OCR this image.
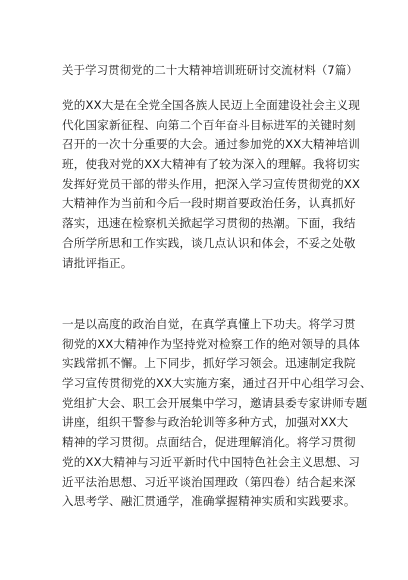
关于学习贯彻党的二十大精神培训班研讨交流材料（7篇）

党的XX大是在全党全国各族人民迈上全面建设社会主义现
代化国家新征程、向第二个百年奋斗目标进军的关键时刻
召开的一次十分重要的大会。通过参加党的XX大精神培训
班，使我对党的XX大精神有了较为深入的理解。我将切实
发挥好党员干部的带头作用，把深入学习宣传贯彻党的XX
大精神作为当前和今后一段时期首要政治任务，认真抓好
落实，迅速在检察机关掀起学习贯彻的热潮。下面，我结
合所学所思和工作实践，谈几点认识和体会，不妥之处敬
请批评指正。

一是以高度的政治自觉，在真学真懂上下功夫。将学习贯
彻党的XX大精神作为坚持党对检察工作的绝对领导的具体
实践常抓不懈。上下同步，抓好学习领会。迅速制定我院
学习宣传贯彻党的XX大实施方案，通过召开中心组学习会、
党组扩大会、职工会开展集中学习，邀请县委专家讲师专题
讲座，组织干警参与政治轮训等多种方式，加强对XX大
精神的学习贯彻。点面结合，促进理解消化。将学习贯彻
党的XX大精神与习近平新时代中国特色社会主义思想、习
近平法治思想、习近平谈治国理政（第四卷）结合起来深
入思考学、融汇贯通学，准确掌握精神实质和实践要求。
